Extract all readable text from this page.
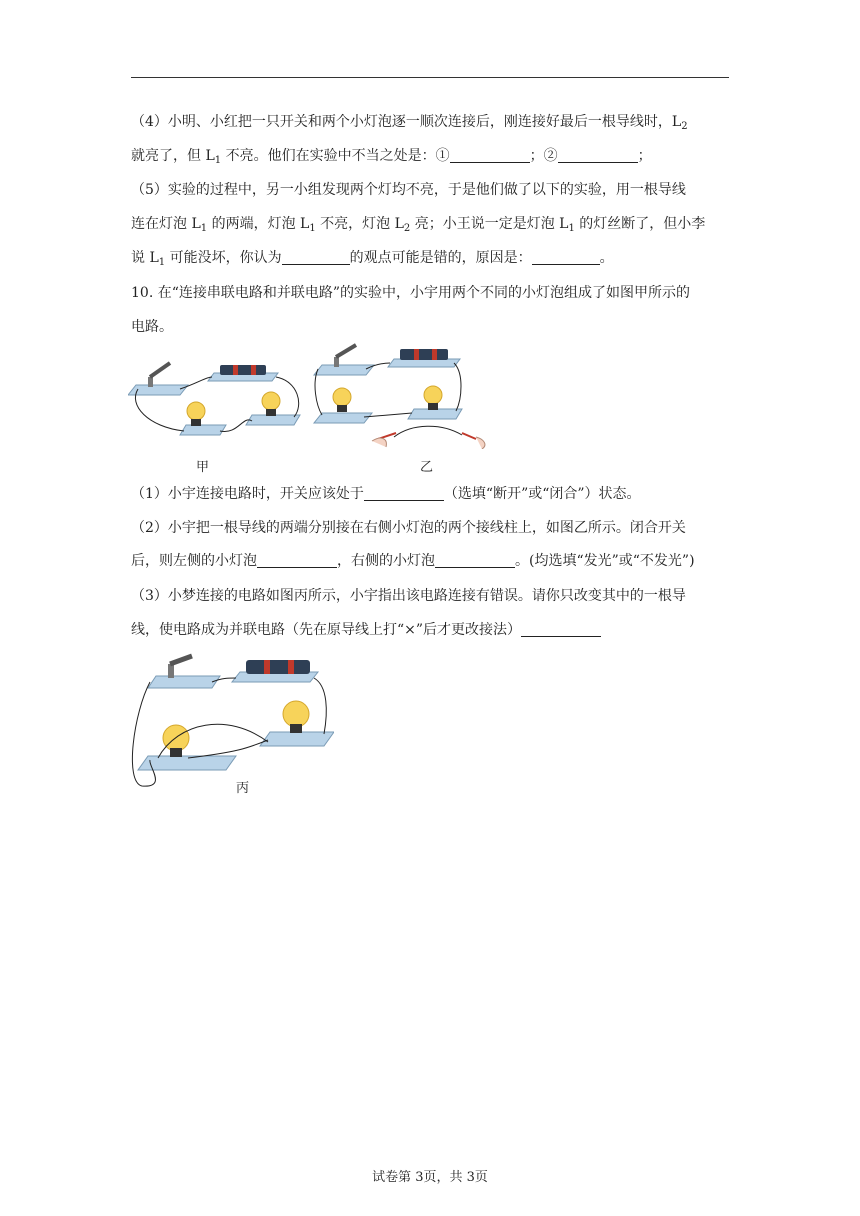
（4）小明、小红把一只开关和两个小灯泡逐一顺次连接后，刚连接好最后一根导线时，$L_2$
就亮了，但 $L_1$ 不亮。他们在实验中不当之处是：①	；②	；
（5）实验的过程中，另一小组发现两个灯均不亮，于是他们做了以下的实验，用一根导线
连在灯泡 $L_1$ 的两端，灯泡 $L_1$ 不亮，灯泡 $L_2$ 亮；小王说一定是灯泡 $L_1$ 的灯丝断了，但小李
说 $L_1$ 可能没坏，你认为	的观点可能是错的，原因是：	。
10. 在“连接串联电路和并联电路”的实验中，小宇用两个不同的小灯泡组成了如图甲所示的
电路。
甲	乙
（1）小宇连接电路时，开关应该处于	（选填“断开”或“闭合”）状态。
（2）小宇把一根导线的两端分别接在右侧小灯泡的两个接线柱上，如图乙所示。闭合开关
后，则左侧的小灯泡	，右侧的小灯泡	。(均选填“发光”或“不发光”)
（3）小梦连接的电路如图丙所示，小宇指出该电路连接有错误。请你只改变其中的一根导
线，使电路成为并联电路（先在原导线上打“×”后才更改接法）
丙
试卷第 3页，共 3页
